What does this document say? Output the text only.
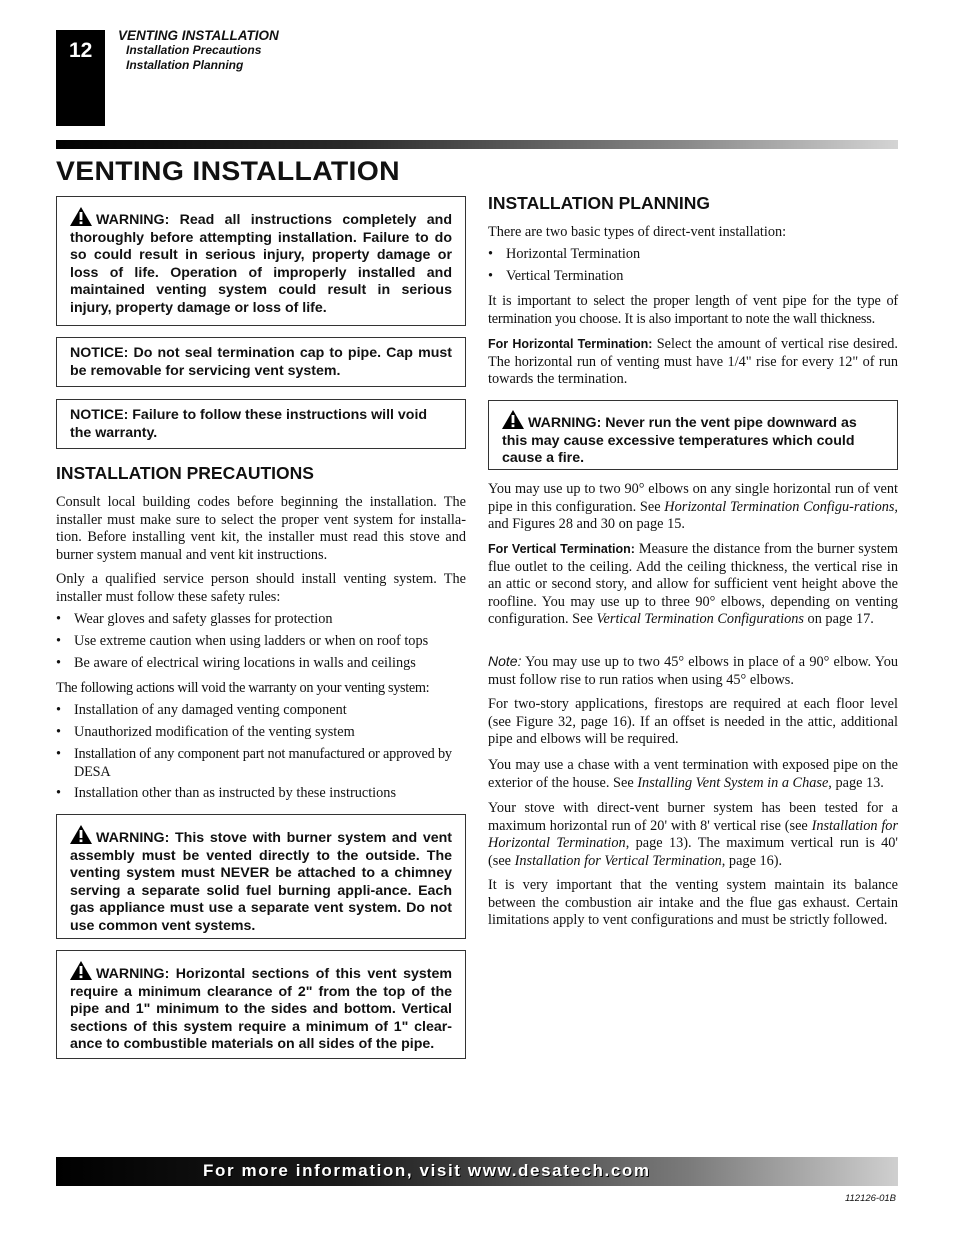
12
VENTING INSTALLATION
Installation Precautions
Installation Planning
VENTING INSTALLATION
WARNING: Read all instructions completely and thoroughly before attempting installation. Failure to do so could result in serious injury, property damage or loss of life. Operation of improperly installed and maintained venting system could result in serious injury, property damage or loss of life.
NOTICE: Do not seal termination cap to pipe. Cap must be removable for servicing vent system.
NOTICE: Failure to follow these instructions will void the warranty.
INSTALLATION PRECAUTIONS

Consult local building codes before beginning the installation. The installer must make sure to select the proper vent system for installa-tion. Before installing vent kit, the installer must read this stove and burner system manual and vent kit instructions.

Only a qualified service person should install venting system. The installer must follow these safety rules:

• Wear gloves and safety glasses for protection

• Use extreme caution when using ladders or when on roof tops

• Be aware of electrical wiring locations in walls and ceilings

The following actions will void the warranty on your venting system:

• Installation of any damaged venting component

• Unauthorized modification of the venting system

• Installation of any component part not manufactured or approved by DESA

• Installation other than as instructed by these instructions

WARNING: This stove with burner system and vent assembly must be vented directly to the outside. The venting system must NEVER be attached to a chimney serving a separate solid fuel burning appli-ance. Each gas appliance must use a separate vent system. Do not use common vent systems.
WARNING: Horizontal sections of this vent system require a minimum clearance of 2" from the top of the pipe and 1" minimum to the sides and bottom. Vertical sections of this system require a minimum of 1" clear-ance to combustible materials on all sides of the pipe.
INSTALLATION PLANNING

There are two basic types of direct-vent installation:

• Horizontal Termination

• Vertical Termination

It is important to select the proper length of vent pipe for the type of termination you choose. It is also important to note the wall thickness.

For Horizontal Termination: Select the amount of vertical rise desired. The horizontal run of venting must have 1/4" rise for every 12" of run towards the termination.

WARNING: Never run the vent pipe downward as this may cause excessive temperatures which could cause a fire.

You may use up to two 90° elbows on any single horizontal run of vent pipe in this configuration. See Horizontal Termination Configu-rations, and Figures 28 and 30 on page 15.

For Vertical Termination: Measure the distance from the burner system flue outlet to the ceiling. Add the ceiling thickness, the vertical rise in an attic or second story, and allow for sufficient vent height above the roofline. You may use up to three 90° elbows, depending on venting configuration. See Vertical Termination Configurations on page 17.

Note: You may use up to two 45° elbows in place of a 90° elbow. You must follow rise to run ratios when using 45° elbows.

For two-story applications, firestops are required at each floor level (see Figure 32, page 16). If an offset is needed in the attic, additional pipe and elbows will be required.

You may use a chase with a vent termination with exposed pipe on the exterior of the house. See Installing Vent System in a Chase, page 13.

Your stove with direct-vent burner system has been tested for a maximum horizontal run of 20' with 8' vertical rise (see Installation for Horizontal Termination, page 13). The maximum vertical run is 40' (see Installation for Vertical Termination, page 16).

It is very important that the venting system maintain its balance between the combustion air intake and the flue gas exhaust. Certain limitations apply to vent configurations and must be strictly followed.

For more information, visit www.desatech.com
112126-01B
